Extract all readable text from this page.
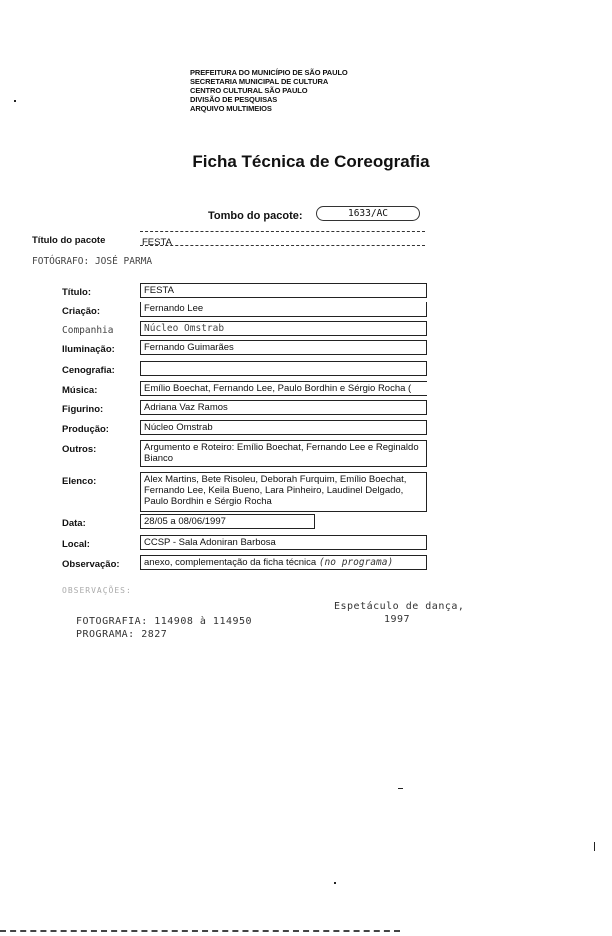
PREFEITURA DO MUNICÍPIO DE SÃO PAULO
SECRETARIA MUNICIPAL DE CULTURA
CENTRO CULTURAL SÃO PAULO
DIVISÃO DE PESQUISAS
ARQUIVO MULTIMEIOS
Ficha Técnica de Coreografia
Tombo do pacote:	1633/AC
Título do pacote	FESTA
FOTÓGRAFO: JOSÉ PARMA
Título:	FESTA
Criação:	Fernando Lee
Companhia	Núcleo Omstrab
Iluminação:	Fernando Guimarães
Cenografia:
Música:	Emílio Boechat, Fernando Lee, Paulo Bordhin e Sérgio Rocha (
Figurino:	Adriana Vaz Ramos
Produção:	Núcleo Omstrab
Outros:	Argumento e Roteiro: Emílio Boechat, Fernando Lee e Reginaldo Bianco
Elenco:	Alex Martins, Bete Risoleu, Deborah Furquim, Emílio Boechat, Fernando Lee, Keila Bueno, Lara Pinheiro, Laudinel Delgado, Paulo Bordhin e Sérgio Rocha
Data:	28/05 a 08/06/1997
Local:	CCSP - Sala Adoniran Barbosa
Observação:	anexo, complementação da ficha técnica (no programa)
OBSERVAÇÕES:
Espetáculo de dança,
1997
FOTOGRAFIA: 114908 à 114950
PROGRAMA: 2827
